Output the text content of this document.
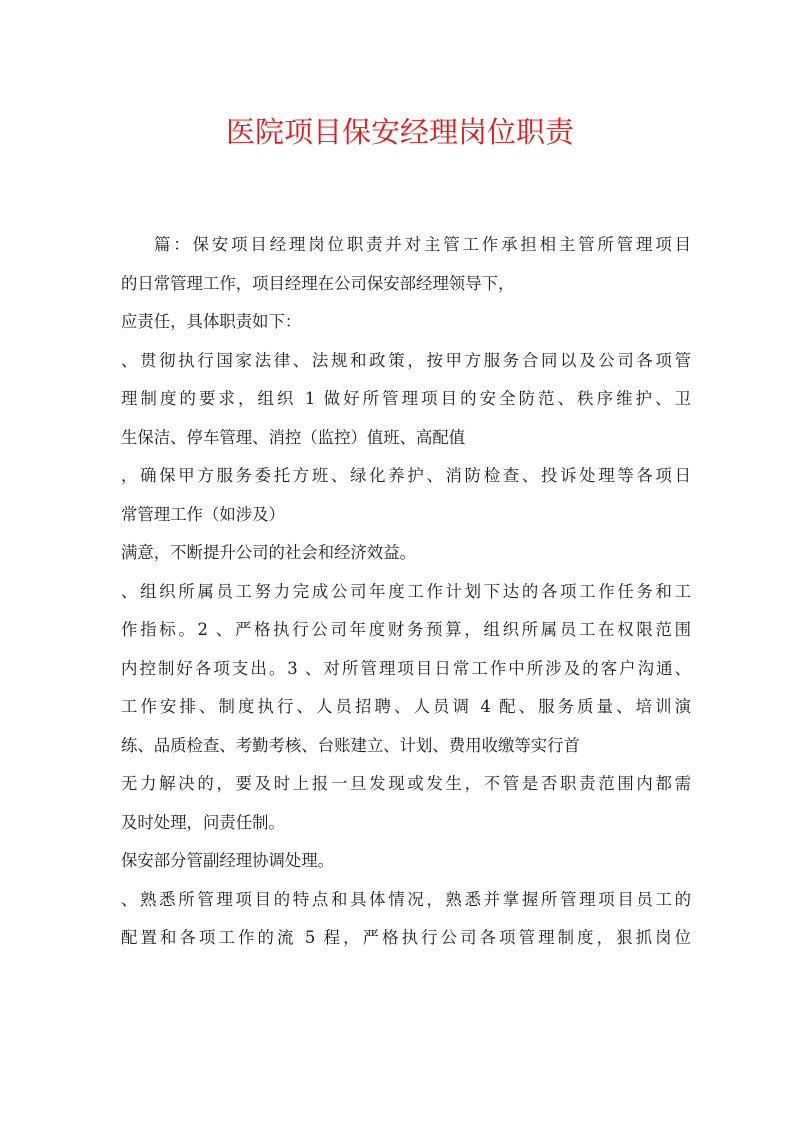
医院项目保安经理岗位职责
篇：保安项目经理岗位职责并对主管工作承担相主管所管理项目
的日常管理工作，项目经理在公司保安部经理领导下，
应责任，具体职责如下：
、贯彻执行国家法律、法规和政策，按甲方服务合同以及公司各项管
理制度的要求，组织 1 做好所管理项目的安全防范、秩序维护、卫
生保洁、停车管理、消控（监控）值班、高配值
，确保甲方服务委托方班、绿化养护、消防检查、投诉处理等各项日
常管理工作（如涉及）
满意，不断提升公司的社会和经济效益。
、组织所属员工努力完成公司年度工作计划下达的各项工作任务和工
作指标。2 、严格执行公司年度财务预算，组织所属员工在权限范围
内控制好各项支出。3 、对所管理项目日常工作中所涉及的客户沟通、
工作安排、制度执行、人员招聘、人员调 4 配、服务质量、培训演
练、品质检查、考勤考核、台账建立、计划、费用收缴等实行首
无力解决的，要及时上报一旦发现或发生，不管是否职责范围内都需
及时处理，问责任制。
保安部分管副经理协调处理。
、熟悉所管理项目的特点和具体情况，熟悉并掌握所管理项目员工的
配置和各项工作的流 5 程，严格执行公司各项管理制度，狠抓岗位
